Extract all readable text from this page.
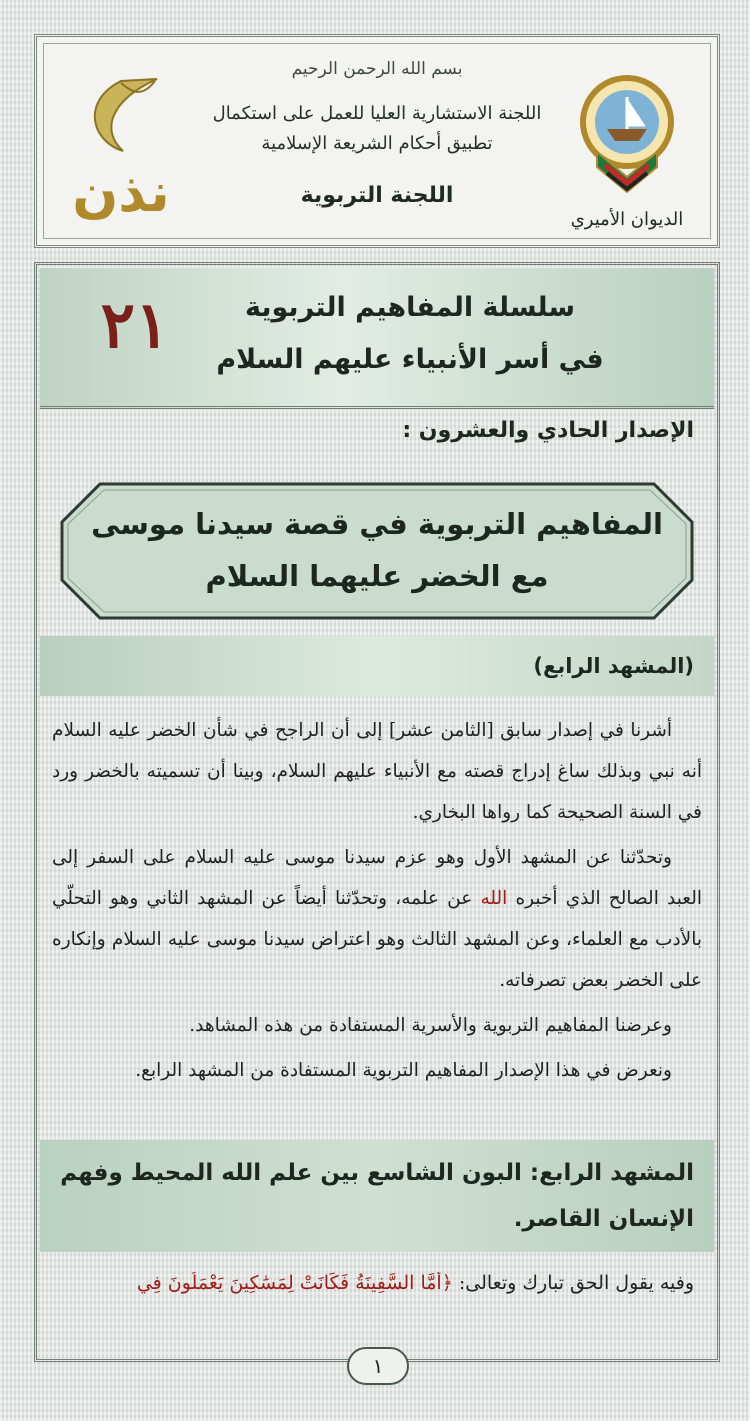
بسم الله الرحمن الرحيم
اللجنة الاستشارية العليا للعمل على استكمال
تطبيق أحكام الشريعة الإسلامية
اللجنة التربوية
الديوان الأميري
نذن
سلسلة المفاهيم التربوية
في أسر الأنبياء عليهم السلام
٢١
الإصدار الحادي والعشرون :
المفاهيم التربوية في قصة سيدنا موسى
مع الخضر عليهما السلام
(المشهد الرابع)

أشرنا في إصدار سابق [الثامن عشر] إلى أن الراجح في شأن الخضر عليه السلام أنه نبي وبذلك ساغ إدراج قصته مع الأنبياء عليهم السلام، وبينا أن تسميته بالخضر ورد في السنة الصحيحة كما رواها البخاري.

وتحدّثنا عن المشهد الأول وهو عزم سيدنا موسى عليه السلام على السفر إلى العبد الصالح الذي أخبره الله عن علمه، وتحدّثنا أيضاً عن المشهد الثاني وهو التحلّي بالأدب مع العلماء، وعن المشهد الثالث وهو اعتراض سيدنا موسى عليه السلام وإنكاره على الخضر بعض تصرفاته.

وعرضنا المفاهيم التربوية والأسرية المستفادة من هذه المشاهد.

ونعرض في هذا الإصدار المفاهيم التربوية المستفادة من المشهد الرابع.

المشهد الرابع: البون الشاسع بين علم الله المحيط وفهم الإنسان القاصر.
وفيه يقول الحق تبارك وتعالى: ﴿أَمَّا السَّفِينَةُ فَكَانَتْ لِمَسَٰكِينَ يَعْمَلُونَ فِي
١
